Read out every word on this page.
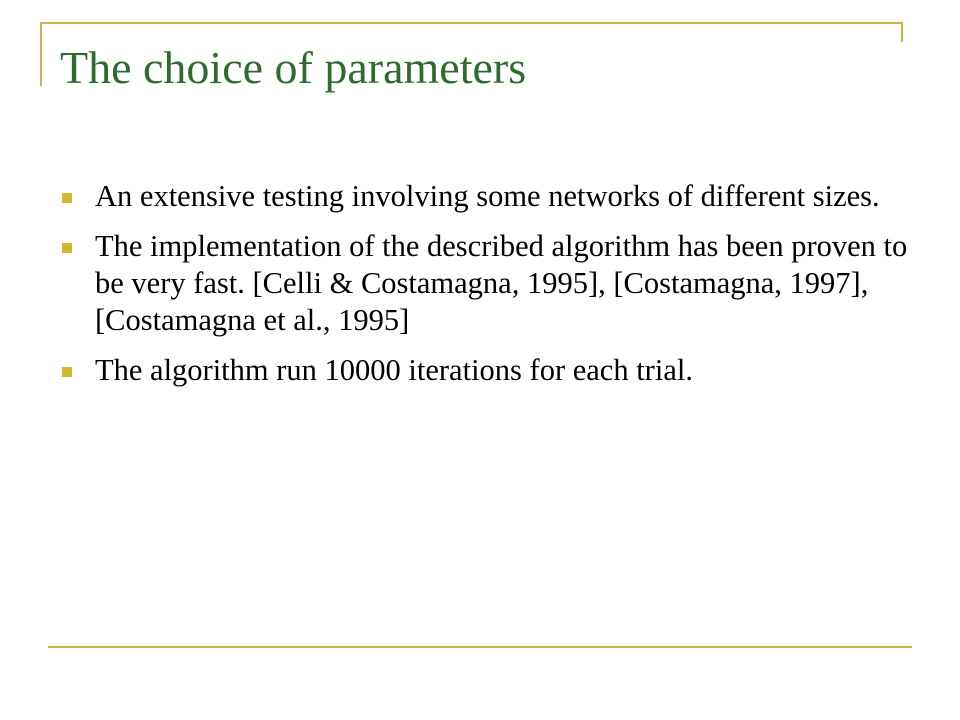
The choice of parameters
An extensive testing involving some networks of different sizes.
The implementation of the described algorithm has been proven to be very fast. [Celli & Costamagna, 1995], [Costamagna, 1997], [Costamagna et al., 1995]
The algorithm run 10000 iterations for each trial.
